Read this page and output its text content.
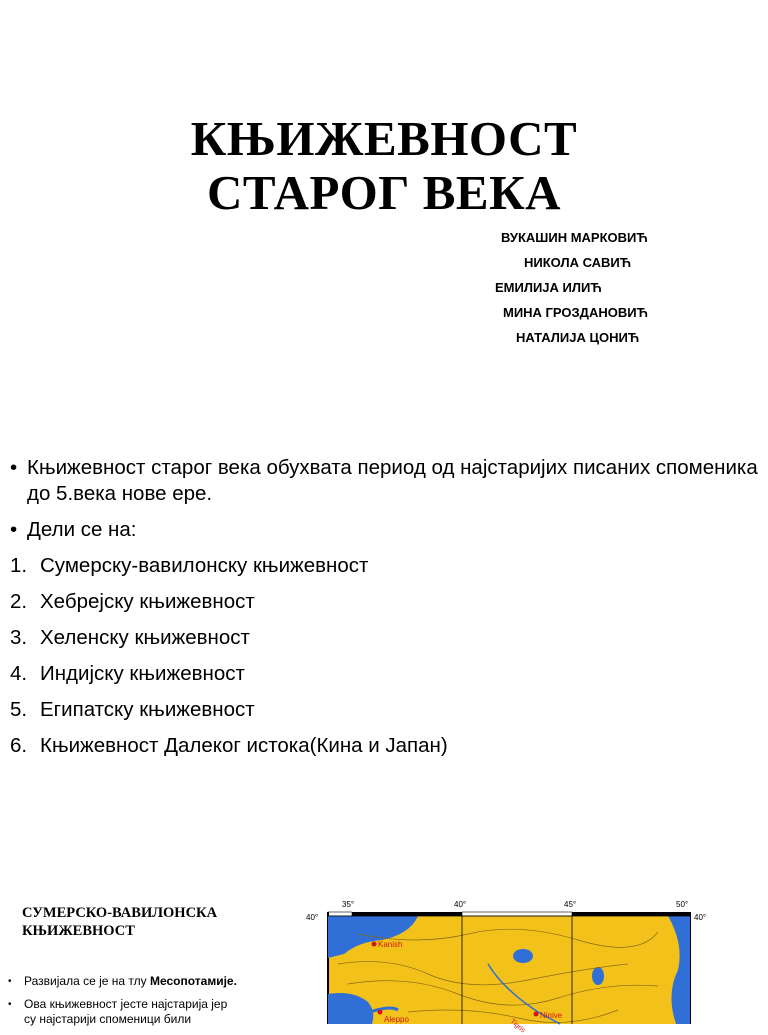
КЊИЖЕВНОСТ
СТАРОГ ВЕКА
ВУКАШИН МАРКОВИЋ
НИКОЛА САВИЋ
ЕМИЛИЈА ИЛИЋ
МИНА ГРОЗДАНОВИЋ
НАТАЛИЈА ЦОНИЋ
• Књижевност старог века обухвата период од најстаријих писаних споменика до 5.века нове ере.
• Дели се на:
1. Сумерску-вавилонску књижевност
2. Хебрејску књижевност
3. Хеленску књижевност
4. Индијску књижевност
5. Египатску књижевност
6. Књижевност Далеког истока(Кина и Јапан)
СУМЕРСКО-ВАВИЛОНСКА КЊИЖЕВНОСТ
• Развијала се је на тлу Месопотамије.
• Ова књижевност јесте најстарија јер
су најстарији споменици били
Kanish
Aleppo	Ninive
Tigris
35°	40°	45°	50°
40°	40°
